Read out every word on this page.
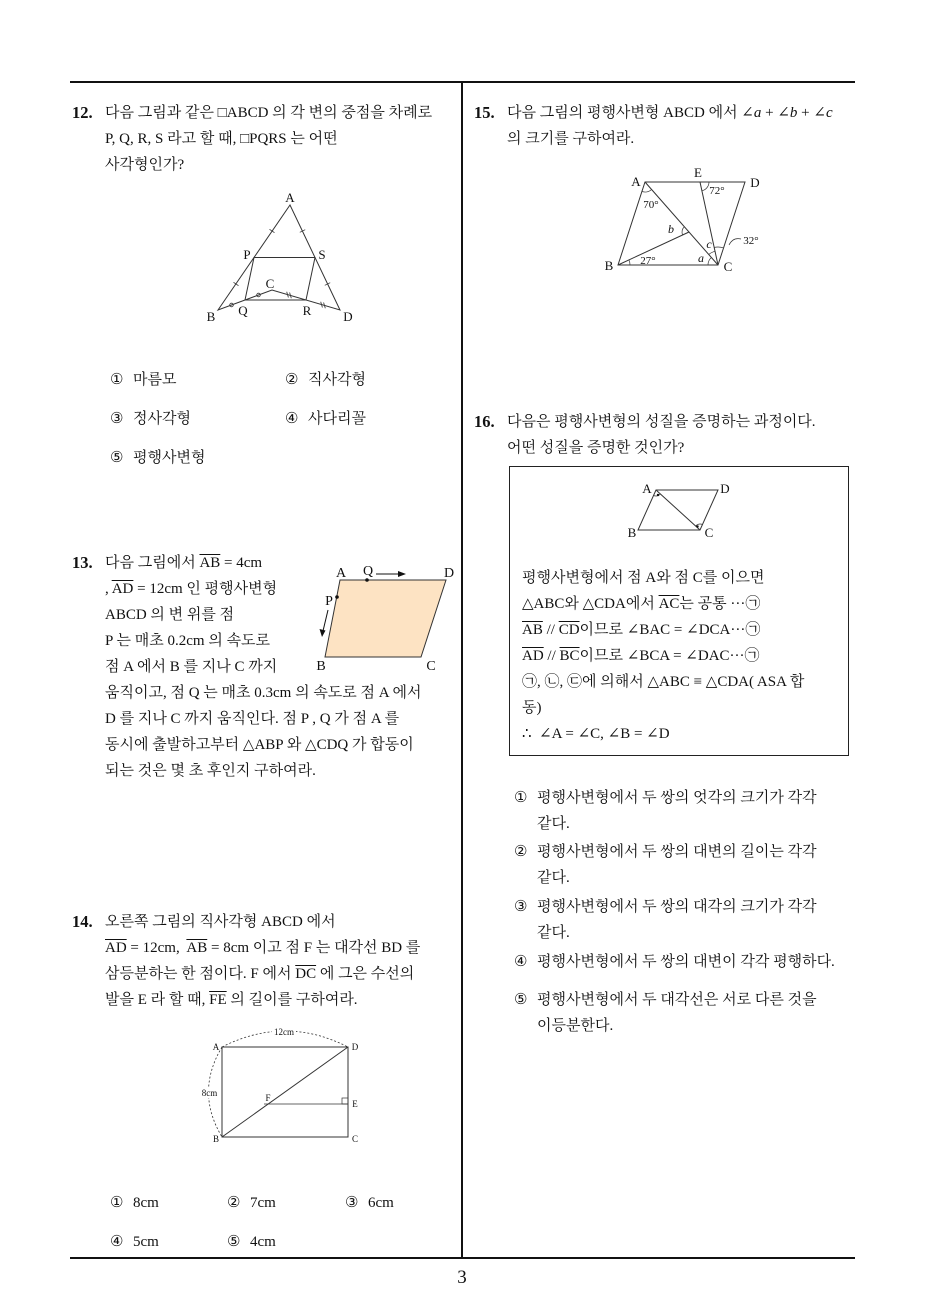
12.

다음 그림과 같은 □ABCD 의 각 변의 중점을 차례로
P, Q, R, S 라고 할 때, □PQRS 는 어떤
사각형인가?

A
P	S
C
B Q	R D
① 마름모	② 직사각형
③ 정사각형	④ 사다리꼴
⑤ 평행사변형

13.

다음 그림에서 $\overline{AB} = 4cm$
, $\overline{AD} = 12cm$ 인 평행사변형
ABCD 의 변 위를 점
P 는 매초 0.2cm 의 속도로
점 A 에서 B 를 지나 C 까지
움직이고, 점 Q 는 매초 0.3cm 의 속도로 점 A 에서
D 를 지나 C 까지 움직인다. 점 P , Q 가 점 A 를
동시에 출발하고부터 △ABP 와 △CDQ 가 합동이
되는 것은 몇 초 후인지 구하여라.

A Q	D
P
B	C

14.

오른쪽 그림의 직사각형 ABCD 에서
$\overline{AD} = 12cm$,  $\overline{AB} = 8cm$ 이고 점 F 는 대각선 BD 를
삼등분하는 한 점이다. F 에서 $\overline{DC}$ 에 그은 수선의
발을 E 라 할 때, $\overline{FE}$ 의 길이를 구하여라.

12cm
8cm
A	D
F
E
B	C
① 8cm	② 7cm	③ 6cm
④ 5cm	⑤ 4cm

15.

다음 그림의 평행사변형 ABCD 에서 ∠a + ∠b + ∠c
의 크기를 구하여라.

A
E
D
B	C
70°
72°
b
c	32°
27°	a

16.

다음은 평행사변형의 성질을 증명하는 과정이다.
어떤 성질을 증명한 것인가?

A	D
B	C
평행사변형에서 점 A와 점 C를 이으면
△ABC와 △CDA에서 $\overline{AC}$는 공통 ···㉠
$\overline{AB} // \overline{CD}$이므로 ∠BAC = ∠DCA···㉠
$\overline{AD} // \overline{BC}$이므로 ∠BCA = ∠DAC···㉠
㉠, ㉡, ㉢에 의해서 △ABC ≡ △CDA( ASA 합
동)
∴  ∠A = ∠C, ∠B = ∠D

①

평행사변형에서 두 쌍의 엇각의 크기가 각각
같다.

②

평행사변형에서 두 쌍의 대변의 길이는 각각
같다.

③

평행사변형에서 두 쌍의 대각의 크기가 각각
같다.

④

평행사변형에서 두 쌍의 대변이 각각 평행하다.

⑤

평행사변형에서 두 대각선은 서로 다른 것을
이등분한다.

3
